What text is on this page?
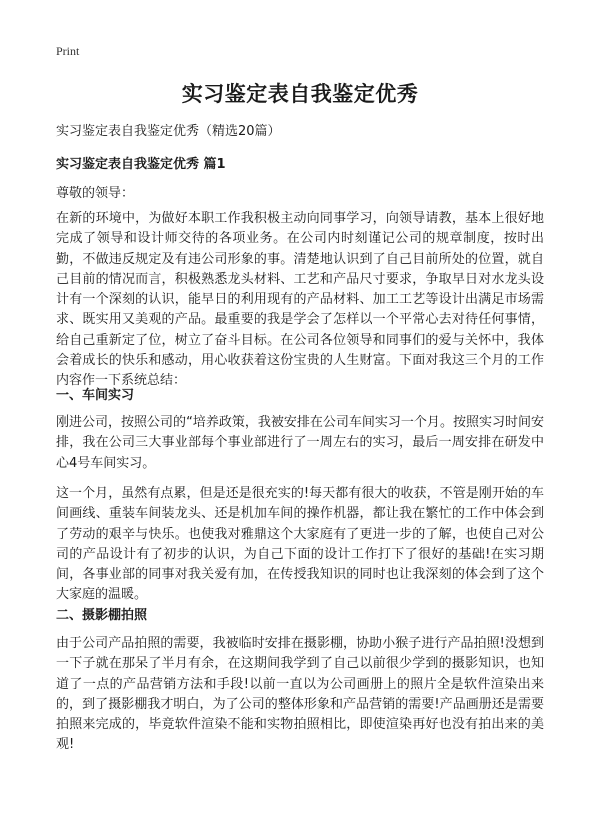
Print
实习鉴定表自我鉴定优秀
实习鉴定表自我鉴定优秀（精选20篇）
实习鉴定表自我鉴定优秀 篇1
尊敬的领导：
在新的环境中，为做好本职工作我积极主动向同事学习，向领导请教，基本上很好地完成了领导和设计师交待的各项业务。在公司内时刻谨记公司的规章制度，按时出勤，不做违反规定及有违公司形象的事。清楚地认识到了自己目前所处的位置，就自己目前的情况而言，积极熟悉龙头材料、工艺和产品尺寸要求，争取早日对水龙头设计有一个深刻的认识，能早日的利用现有的产品材料、加工工艺等设计出满足市场需求、既实用又美观的产品。最重要的我是学会了怎样以一个平常心去对待任何事情，给自己重新定了位，树立了奋斗目标。在公司各位领导和同事们的爱与关怀中，我体会着成长的快乐和感动，用心收获着这份宝贵的人生财富。下面对我这三个月的工作内容作一下系统总结：
一、车间实习
刚进公司，按照公司的“培养政策，我被安排在公司车间实习一个月。按照实习时间安排，我在公司三大事业部每个事业部进行了一周左右的实习，最后一周安排在研发中心4号车间实习。
这一个月，虽然有点累，但是还是很充实的!每天都有很大的收获，不管是刚开始的车间画线、重装车间装龙头、还是机加车间的操作机器，都让我在繁忙的工作中体会到了劳动的艰辛与快乐。也使我对雅鼎这个大家庭有了更进一步的了解，也使自己对公司的产品设计有了初步的认识，为自己下面的设计工作打下了很好的基础!在实习期间，各事业部的同事对我关爱有加，在传授我知识的同时也让我深刻的体会到了这个大家庭的温暖。
二、摄影棚拍照
由于公司产品拍照的需要，我被临时安排在摄影棚，协助小猴子进行产品拍照!没想到一下子就在那呆了半月有余，在这期间我学到了自己以前很少学到的摄影知识，也知道了一点的产品营销方法和手段!以前一直以为公司画册上的照片全是软件渲染出来的，到了摄影棚我才明白，为了公司的整体形象和产品营销的需要!产品画册还是需要拍照来完成的，毕竟软件渲染不能和实物拍照相比，即使渲染再好也没有拍出来的美观!
